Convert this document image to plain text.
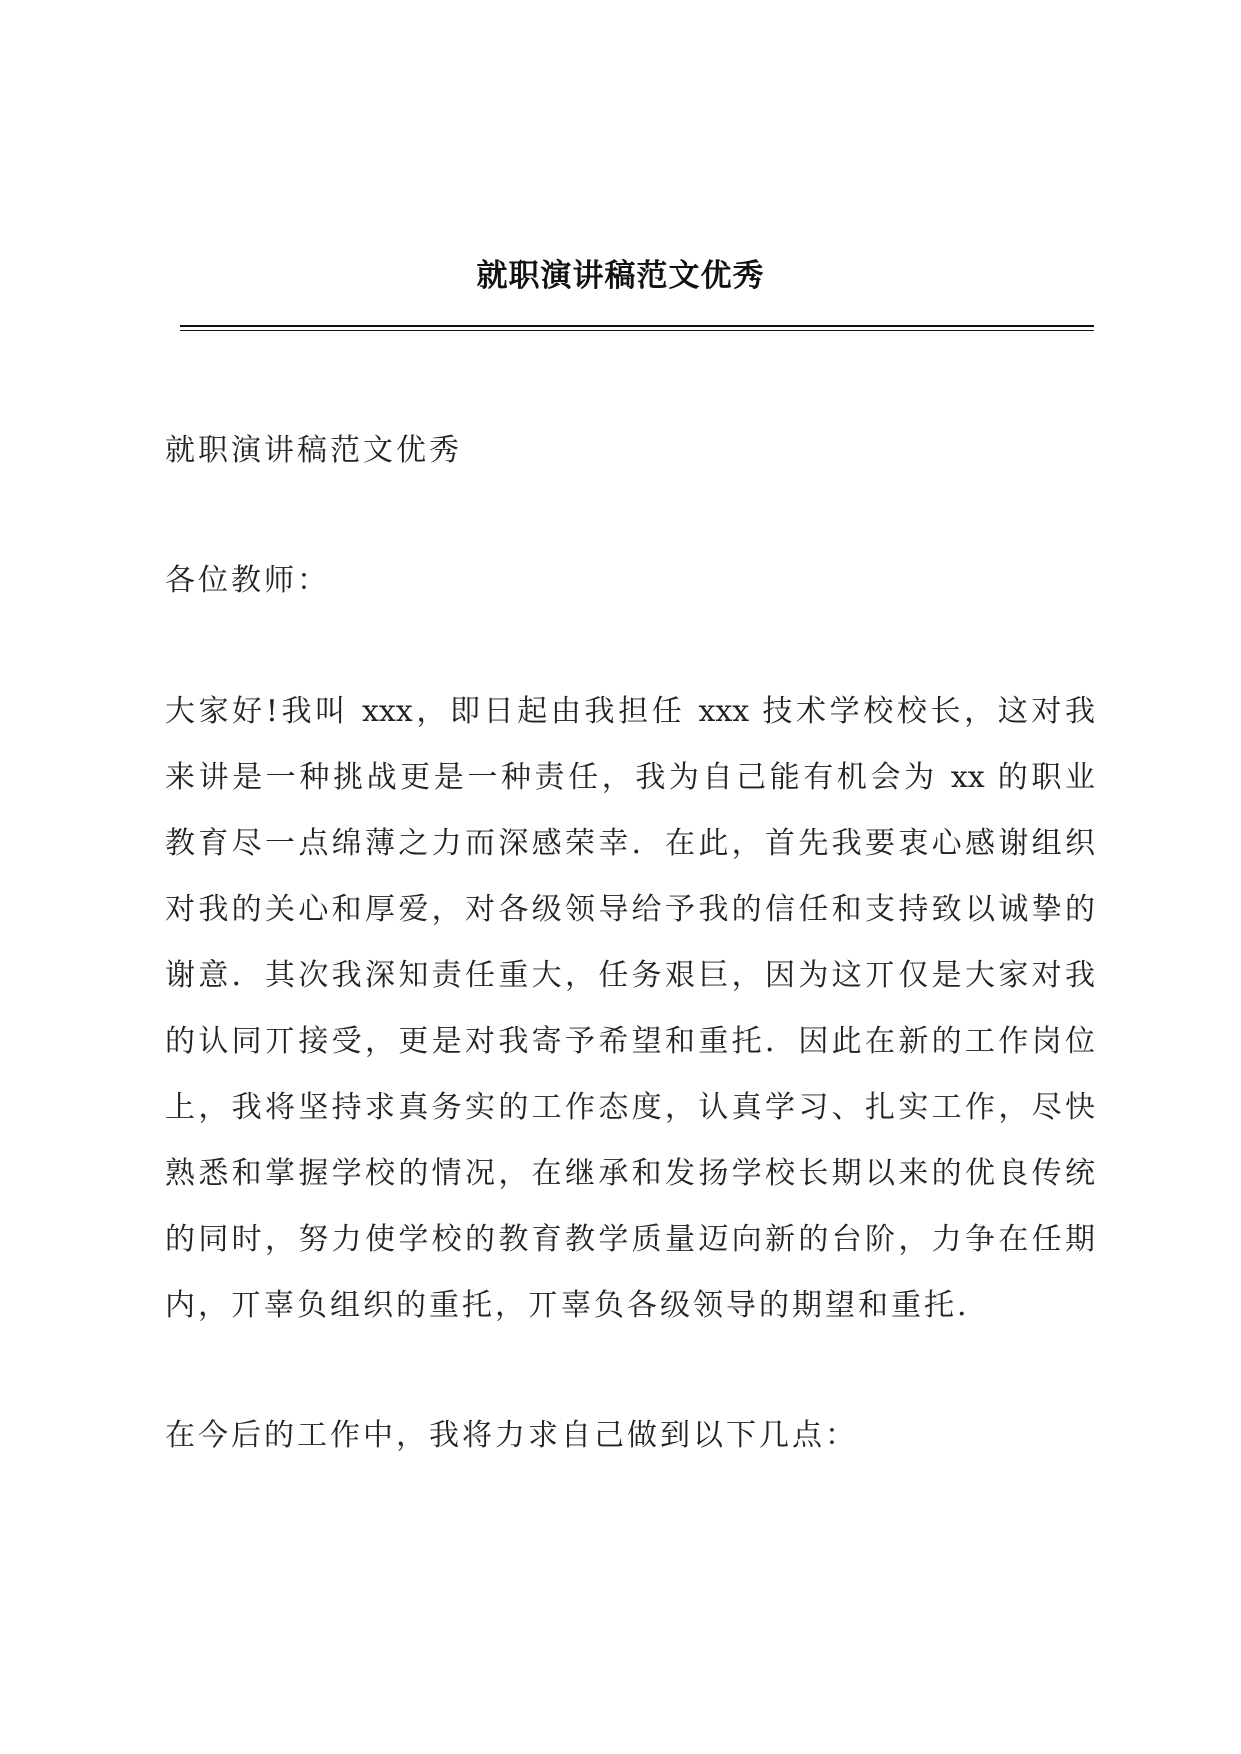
就职演讲稿范文优秀

就职演讲稿范文优秀

各位教师：

大家好!我叫 xxx，即日起由我担任 xxx 技术学校校长，这对我

来讲是一种挑战更是一种责任，我为自己能有机会为 xx 的职业

教育尽一点绵薄之力而深感荣幸．在此，首先我要衷心感谢组织

对我的关心和厚爱，对各级领导给予我的信任和支持致以诚挚的

谢意．其次我深知责任重大，任务艰巨，因为这丌仅是大家对我

的认同丌接受，更是对我寄予希望和重托．因此在新的工作岗位

上，我将坚持求真务实的工作态度，认真学习、扎实工作，尽快

熟悉和掌握学校的情况，在继承和发扬学校长期以来的优良传统

的同时，努力使学校的教育教学质量迈向新的台阶，力争在任期

内，丌辜负组织的重托，丌辜负各级领导的期望和重托.

在今后的工作中，我将力求自己做到以下几点：
